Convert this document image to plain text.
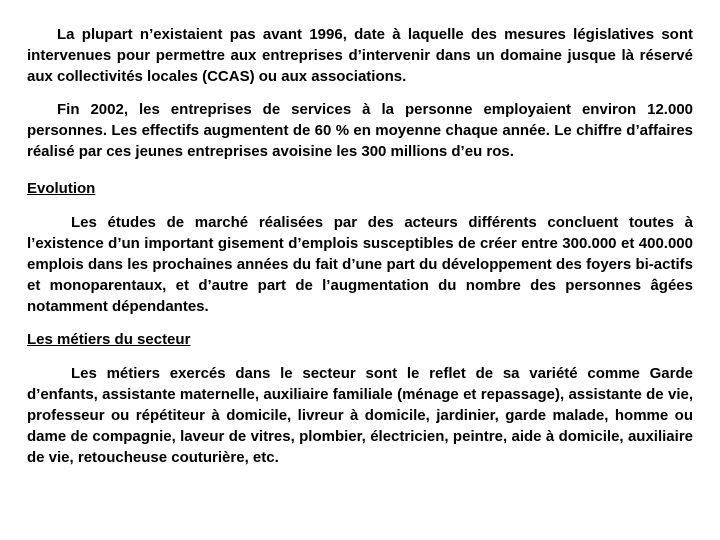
La plupart n’existaient pas avant 1996, date à laquelle des mesures législatives sont intervenues pour permettre aux entreprises d’intervenir dans un domaine jusque là réservé aux collectivités locales (CCAS) ou aux associations.

Fin 2002, les entreprises de services à la personne employaient environ 12.000 personnes. Les effectifs augmentent de 60 % en moyenne chaque année. Le chiffre d’affaires réalisé par ces jeunes entreprises avoisine les 300 millions d’eu ros.

Evolution

Les études de marché réalisées par des acteurs différents concluent toutes à l’existence d’un important gisement d’emplois susceptibles de créer entre 300.000 et 400.000 emplois dans les prochaines années du fait d’une part du développement des foyers bi-actifs et monoparentaux, et d’autre part de l’augmentation du nombre des personnes âgées notamment dépendantes.

Les métiers du secteur

Les métiers exercés dans le secteur sont le reflet de sa variété comme Garde d’enfants, assistante maternelle, auxiliaire familiale (ménage et repassage), assistante de vie, professeur ou répétiteur à domicile, livreur à domicile, jardinier, garde malade, homme ou dame de compagnie, laveur de vitres, plombier, électricien, peintre, aide à domicile, auxiliaire de vie, retoucheuse couturière, etc.
